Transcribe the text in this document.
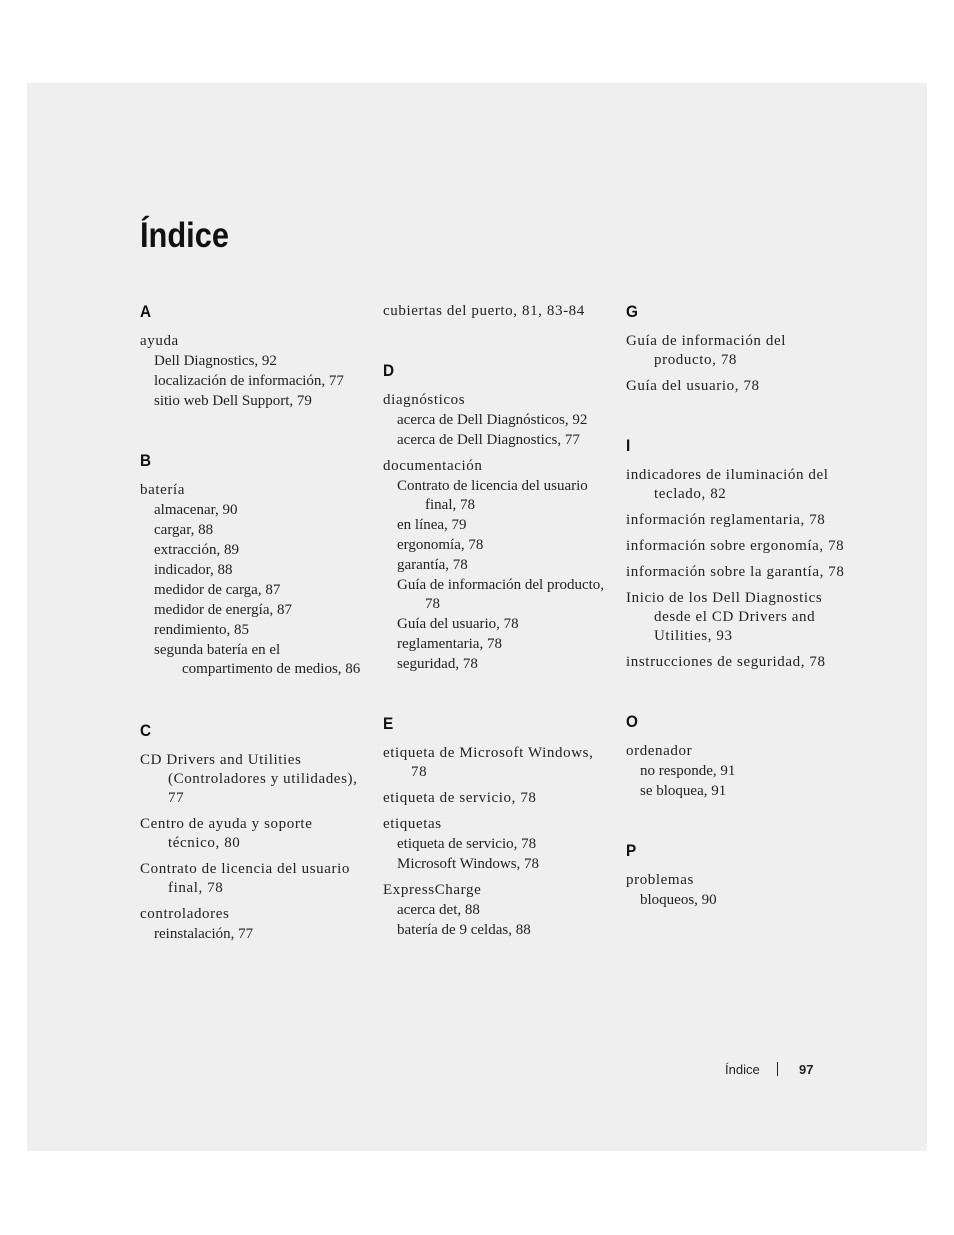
Índice
A
ayuda
Dell Diagnostics, 92
localización de información, 77
sitio web Dell Support, 79
B
batería
almacenar, 90
cargar, 88
extracción, 89
indicador, 88
medidor de carga, 87
medidor de energía, 87
rendimiento, 85
segunda batería en el compartimento de medios, 86
C
CD Drivers and Utilities (Controladores y utilidades), 77
Centro de ayuda y soporte técnico, 80
Contrato de licencia del usuario final, 78
controladores
reinstalación, 77
cubiertas del puerto, 81, 83-84
D
diagnósticos
acerca de Dell Diagnósticos, 92
acerca de Dell Diagnostics, 77
documentación
Contrato de licencia del usuario final, 78
en línea, 79
ergonomía, 78
garantía, 78
Guía de información del producto, 78
Guía del usuario, 78
reglamentaria, 78
seguridad, 78
E
etiqueta de Microsoft Windows, 78
etiqueta de servicio, 78
etiquetas
etiqueta de servicio, 78
Microsoft Windows, 78
ExpressCharge
acerca det, 88
batería de 9 celdas, 88
G
Guía de información del producto, 78
Guía del usuario, 78
I
indicadores de iluminación del teclado, 82
información reglamentaria, 78
información sobre ergonomía, 78
información sobre la garantía, 78
Inicio de los Dell Diagnostics desde el CD Drivers and Utilities, 93
instrucciones de seguridad, 78
O
ordenador
no responde, 91
se bloquea, 91
P
problemas
bloqueos, 90
Índice	97
